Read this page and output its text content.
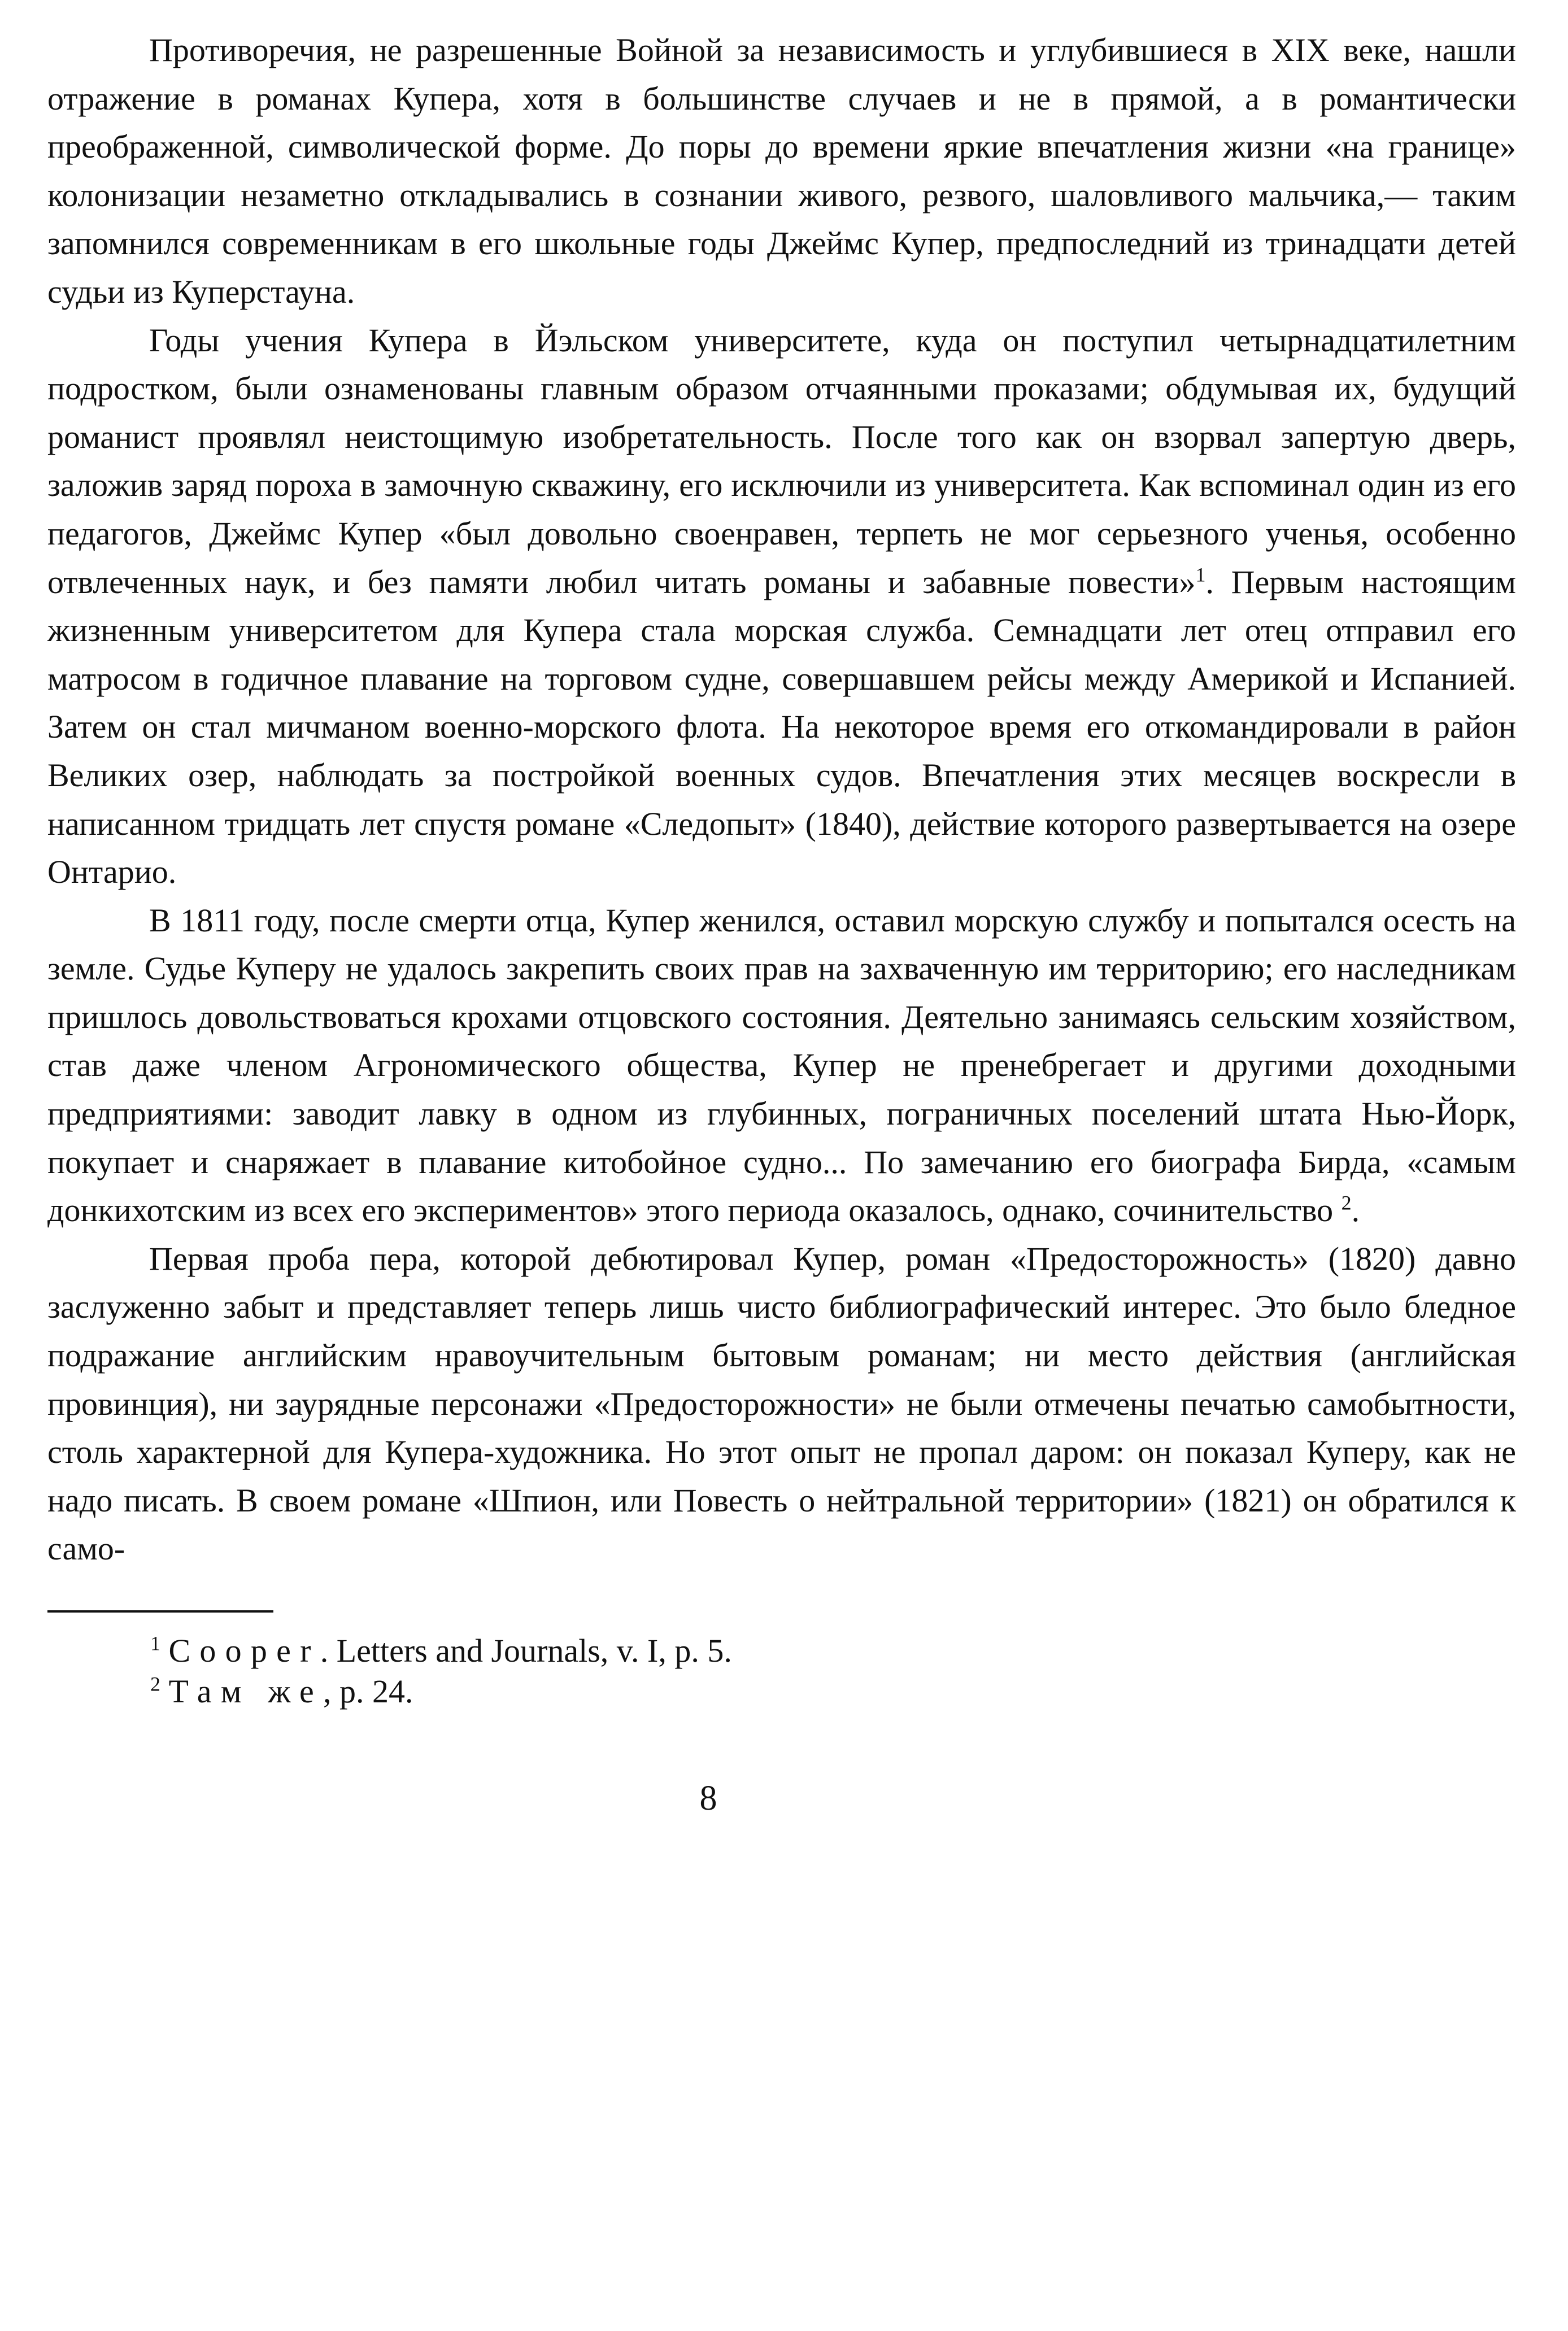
Противоречия, не разрешенные Войной за независимость и углубившиеся в XIX веке, нашли отражение в романах Купера, хотя в большинстве случаев и не в прямой, а в романтически преображенной, символической форме. До поры до времени яркие впечатления жизни «на границе» колонизации незаметно откладывались в сознании живого, резвого, шаловливого мальчика,— таким запомнился современникам в его школьные годы Джеймс Купер, предпоследний из тринадцати детей судьи из Куперстауна.

Годы учения Купера в Йэльском университете, куда он поступил четырнадцатилетним подростком, были ознаменованы главным образом отчаянными проказами; обдумывая их, будущий романист проявлял неистощимую изобретательность. После того как он взорвал запертую дверь, заложив заряд пороха в замочную скважину, его исключили из университета. Как вспоминал один из его педагогов, Джеймс Купер «был довольно своенравен, терпеть не мог серьезного ученья, особенно отвлеченных наук, и без памяти любил читать романы и забавные повести»$^1$. Первым настоящим жизненным университетом для Купера стала морская служба. Семнадцати лет отец отправил его матросом в годичное плавание на торговом судне, совершавшем рейсы между Америкой и Испанией. Затем он стал мичманом военно-морского флота. На некоторое время его откомандировали в район Великих озер, наблюдать за постройкой военных судов. Впечатления этих месяцев воскресли в написанном тридцать лет спустя романе «Следопыт» (1840), действие которого развертывается на озере Онтарио.

В 1811 году, после смерти отца, Купер женился, оставил морскую службу и попытался осесть на земле. Судье Куперу не удалось закрепить своих прав на захваченную им территорию; его наследникам пришлось довольствоваться крохами отцовского состояния. Деятельно занимаясь сельским хозяйством, став даже членом Агрономического общества, Купер не пренебрегает и другими доходными предприятиями: заводит лавку в одном из глубинных, пограничных поселений штата Нью-Йорк, покупает и снаряжает в плавание китобойное судно... По замечанию его биографа Бирда, «самым донкихотским из всех его экспериментов» этого периода оказалось, однако, сочинительство $^2$.

Первая проба пера, которой дебютировал Купер, роман «Предосторожность» (1820) давно заслуженно забыт и представляет теперь лишь чисто библиографический интерес. Это было бледное подражание английским нравоучительным бытовым романам; ни место действия (английская провинция), ни заурядные персонажи «Предосторожности» не были отмечены печатью самобытности, столь характерной для Купера-художника. Но этот опыт не пропал даром: он показал Куперу, как не надо писать. В своем романе «Шпион, или Повесть о нейтральной территории» (1821) он обратился к само-

$^1$ Cooper. Letters and Journals, v. I, p. 5.

$^2$ Там же, p. 24.

8
